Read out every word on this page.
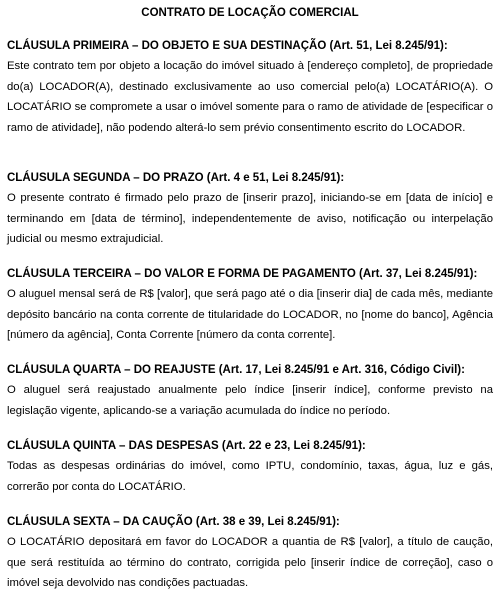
CONTRATO DE LOCAÇÃO COMERCIAL
CLÁUSULA PRIMEIRA – DO OBJETO E SUA DESTINAÇÃO (Art. 51, Lei 8.245/91):

Este contrato tem por objeto a locação do imóvel situado à [endereço completo], de propriedade do(a) LOCADOR(A), destinado exclusivamente ao uso comercial pelo(a) LOCATÁRIO(A). O LOCATÁRIO se compromete a usar o imóvel somente para o ramo de atividade de [especificar o ramo de atividade], não podendo alterá-lo sem prévio consentimento escrito do LOCADOR.

CLÁUSULA SEGUNDA – DO PRAZO (Art. 4 e 51, Lei 8.245/91):

O presente contrato é firmado pelo prazo de [inserir prazo], iniciando-se em [data de início] e terminando em [data de término], independentemente de aviso, notificação ou interpelação judicial ou mesmo extrajudicial.

CLÁUSULA TERCEIRA – DO VALOR E FORMA DE PAGAMENTO (Art. 37, Lei 8.245/91):

O aluguel mensal será de R$ [valor], que será pago até o dia [inserir dia] de cada mês, mediante depósito bancário na conta corrente de titularidade do LOCADOR, no [nome do banco], Agência [número da agência], Conta Corrente [número da conta corrente].

CLÁUSULA QUARTA – DO REAJUSTE (Art. 17, Lei 8.245/91 e Art. 316, Código Civil):

O aluguel será reajustado anualmente pelo índice [inserir índice], conforme previsto na legislação vigente, aplicando-se a variação acumulada do índice no período.

CLÁUSULA QUINTA – DAS DESPESAS (Art. 22 e 23, Lei 8.245/91):

Todas as despesas ordinárias do imóvel, como IPTU, condomínio, taxas, água, luz e gás, correrão por conta do LOCATÁRIO.

CLÁUSULA SEXTA – DA CAUÇÃO (Art. 38 e 39, Lei 8.245/91):

O LOCATÁRIO depositará em favor do LOCADOR a quantia de R$ [valor], a título de caução, que será restituída ao término do contrato, corrigida pelo [inserir índice de correção], caso o imóvel seja devolvido nas condições pactuadas.
